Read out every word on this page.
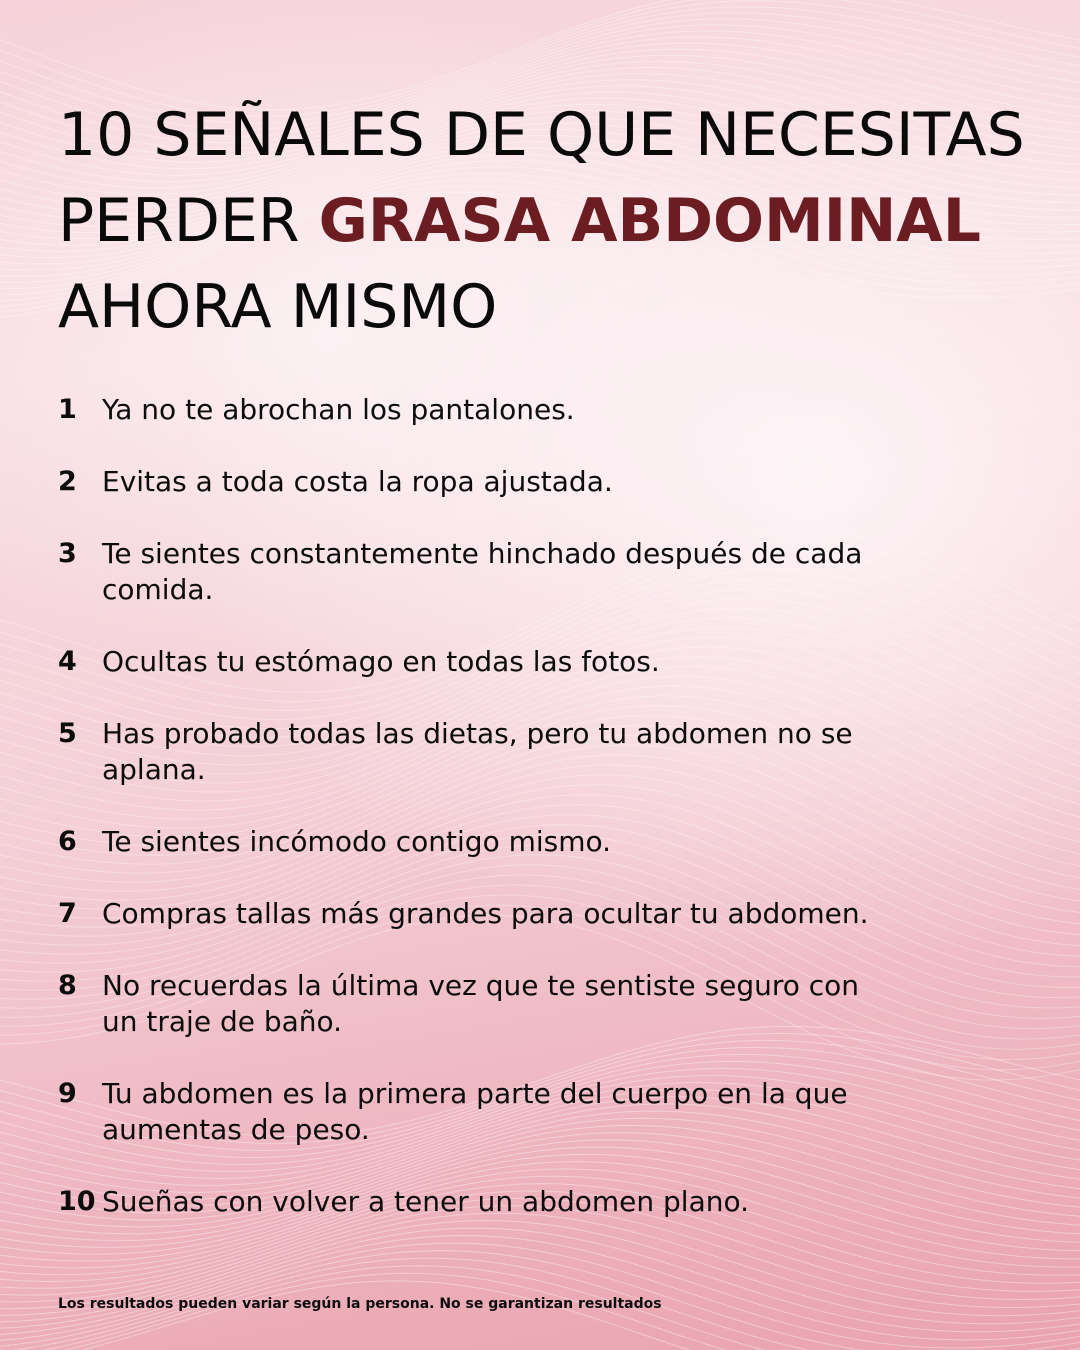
10 SEÑALES DE QUE NECESITAS
PERDER GRASA ABDOMINAL
AHORA MISMO
1 Ya no te abrochan los pantalones.
2 Evitas a toda costa la ropa ajustada.
3 Te sientes constantemente hinchado después de cada comida.
4 Ocultas tu estómago en todas las fotos.
5 Has probado todas las dietas, pero tu abdomen no se aplana.
6 Te sientes incómodo contigo mismo.
7 Compras tallas más grandes para ocultar tu abdomen.
8 No recuerdas la última vez que te sentiste seguro con un traje de baño.
9 Tu abdomen es la primera parte del cuerpo en la que aumentas de peso.
10 Sueñas con volver a tener un abdomen plano.
Los resultados pueden variar según la persona. No se garantizan resultados
